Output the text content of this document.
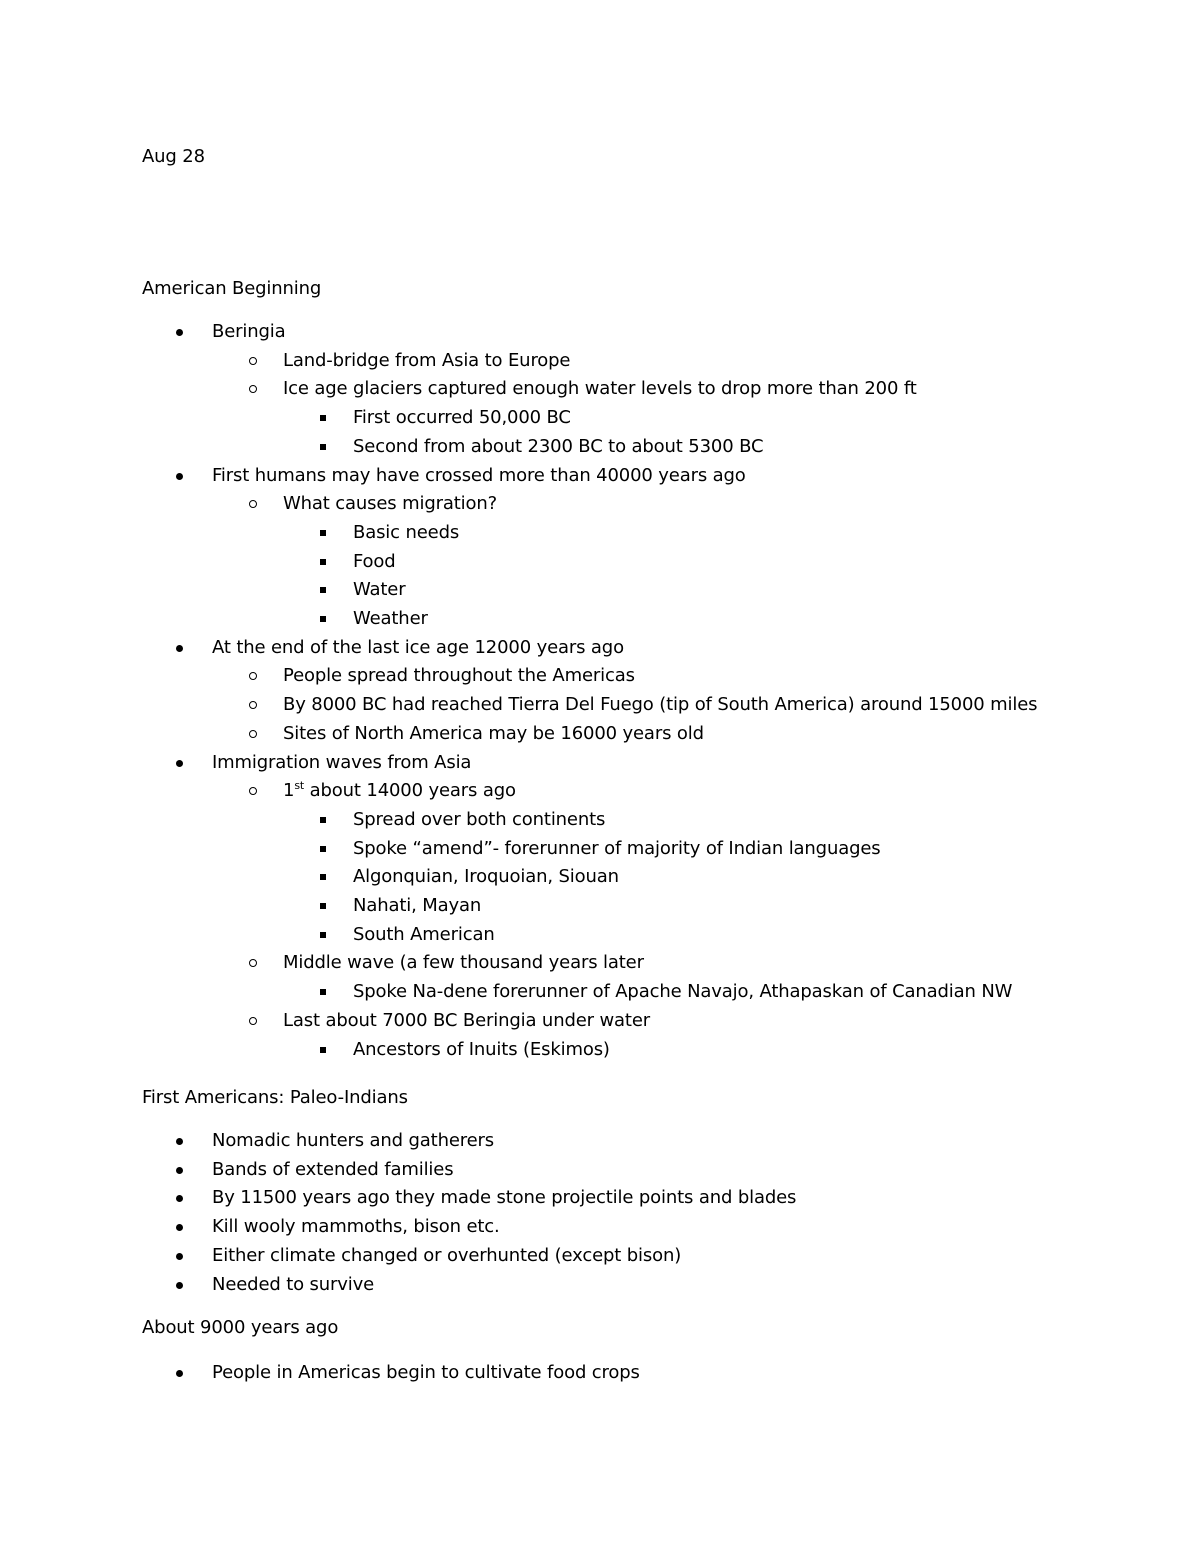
Aug 28
American Beginning
Beringia
Land-bridge from Asia to Europe
Ice age glaciers captured enough water levels to drop more than 200 ft
First occurred 50,000 BC
Second from about 2300 BC to about 5300 BC
First humans may have crossed more than 40000 years ago
What causes migration?
Basic needs
Food
Water
Weather
At the end of the last ice age 12000 years ago
People spread throughout the Americas
By 8000 BC had reached Tierra Del Fuego (tip of South America) around 15000 miles
Sites of North America may be 16000 years old
Immigration waves from Asia
1st about 14000 years ago
Spread over both continents
Spoke “amend”- forerunner of majority of Indian languages
Algonquian, Iroquoian, Siouan
Nahati, Mayan
South American
Middle wave (a few thousand years later
Spoke Na-dene forerunner of Apache Navajo, Athapaskan of Canadian NW
Last about 7000 BC Beringia under water
Ancestors of Inuits (Eskimos)
First Americans: Paleo-Indians
Nomadic hunters and gatherers
Bands of extended families
By 11500 years ago they made stone projectile points and blades
Kill wooly mammoths, bison etc.
Either climate changed or overhunted (except bison)
Needed to survive
About 9000 years ago
People in Americas begin to cultivate food crops
